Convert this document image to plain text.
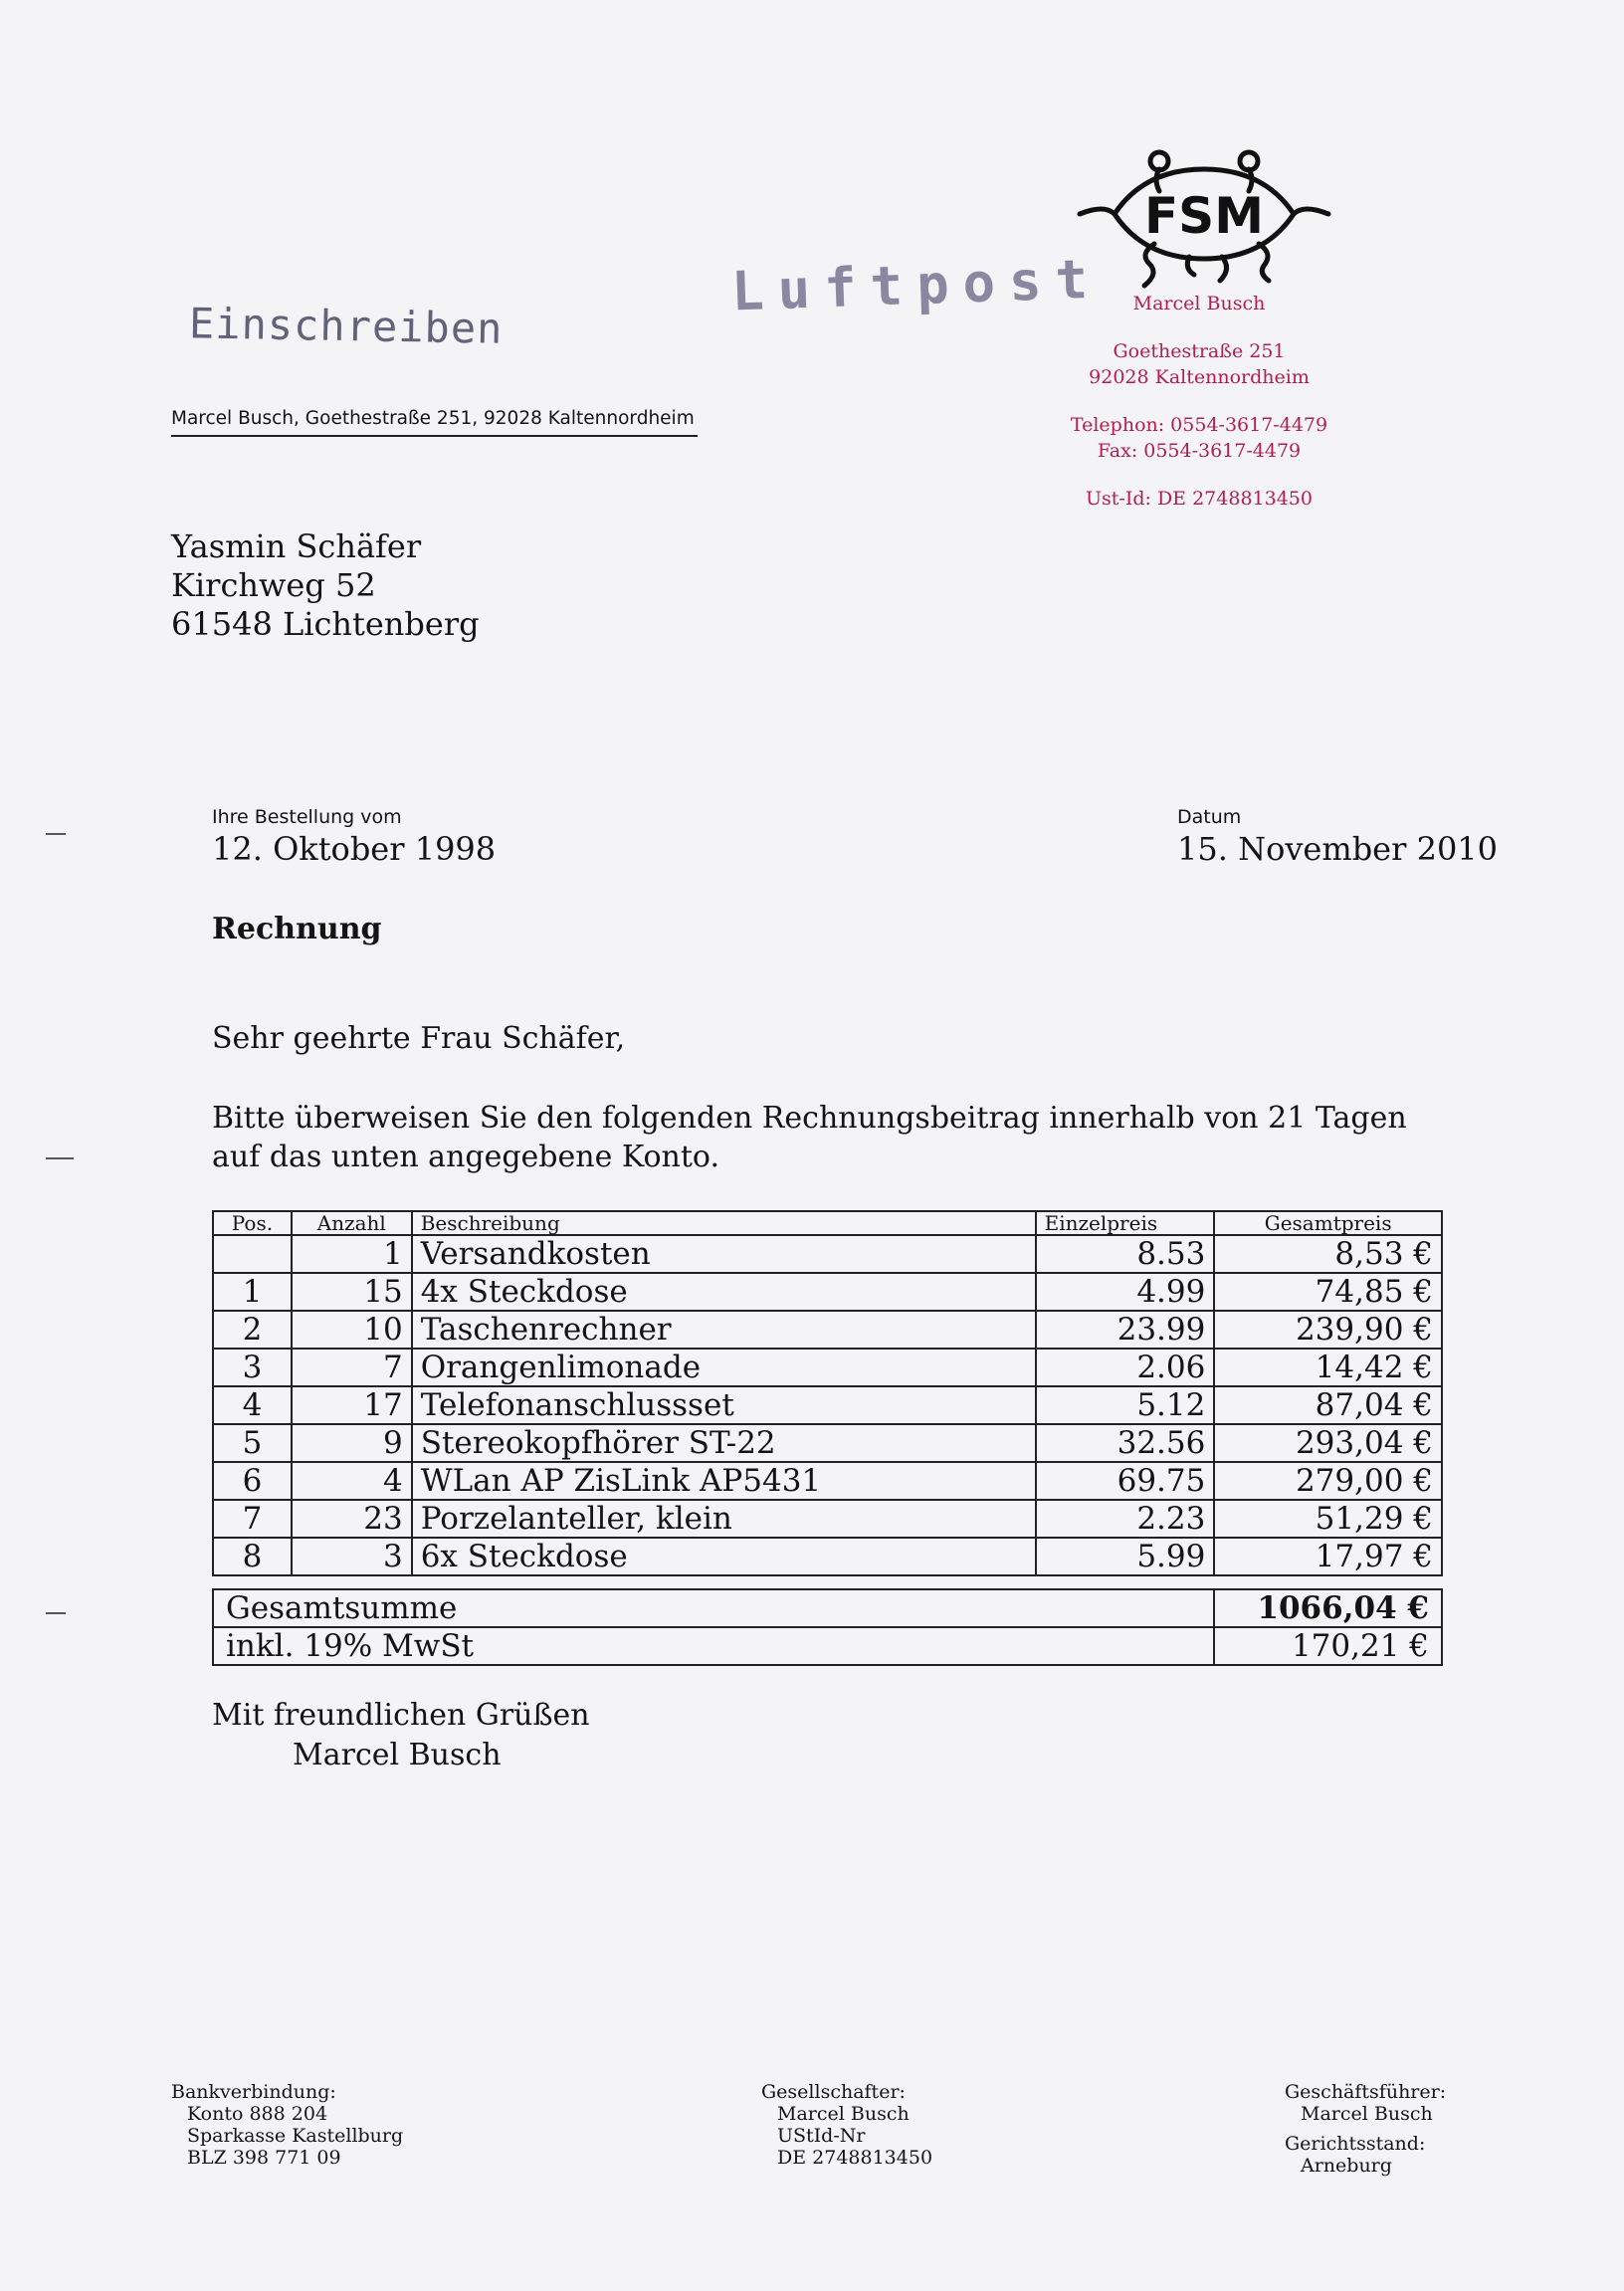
Einschreiben
Luftpost
Marcel Busch, Goethestraße 251, 92028 Kaltennordheim
Yasmin Schäfer
Kirchweg 52
61548 Lichtenberg
FSM
Marcel Busch
Goethestraße 251
92028 Kaltennordheim
Telephon: 0554-3617-4479
Fax: 0554-3617-4479
Ust-Id: DE 2748813450
Ihre Bestellung vom
12. Oktober 1998
Datum
15. November 2010
Rechnung
Sehr geehrte Frau Schäfer,
Bitte überweisen Sie den folgenden Rechnungsbeitrag innerhalb von 21 Tagen auf das unten angegebene Konto.
Pos.	Anzahl	Beschreibung	Einzelpreis	Gesamtpreis
	1	Versandkosten	8.53	8,53 €
1	15	4x Steckdose	4.99	74,85 €
2	10	Taschenrechner	23.99	239,90 €
3	7	Orangenlimonade	2.06	14,42 €
4	17	Telefonanschlussset	5.12	87,04 €
5	9	Stereokopfhörer ST-22	32.56	293,04 €
6	4	WLan AP ZisLink AP5431	69.75	279,00 €
7	23	Porzelanteller, klein	2.23	51,29 €
8	3	6x Steckdose	5.99	17,97 €
Gesamtsumme	1066,04 €
inkl. 19% MwSt	170,21 €
Mit freundlichen Grüßen
Marcel Busch
Bankverbindung:
Konto 888 204
Sparkasse Kastellburg
BLZ 398 771 09
Gesellschafter:
Marcel Busch
UStId-Nr
DE 2748813450
Geschäftsführer:
Marcel Busch
Gerichtsstand:
Arneburg
